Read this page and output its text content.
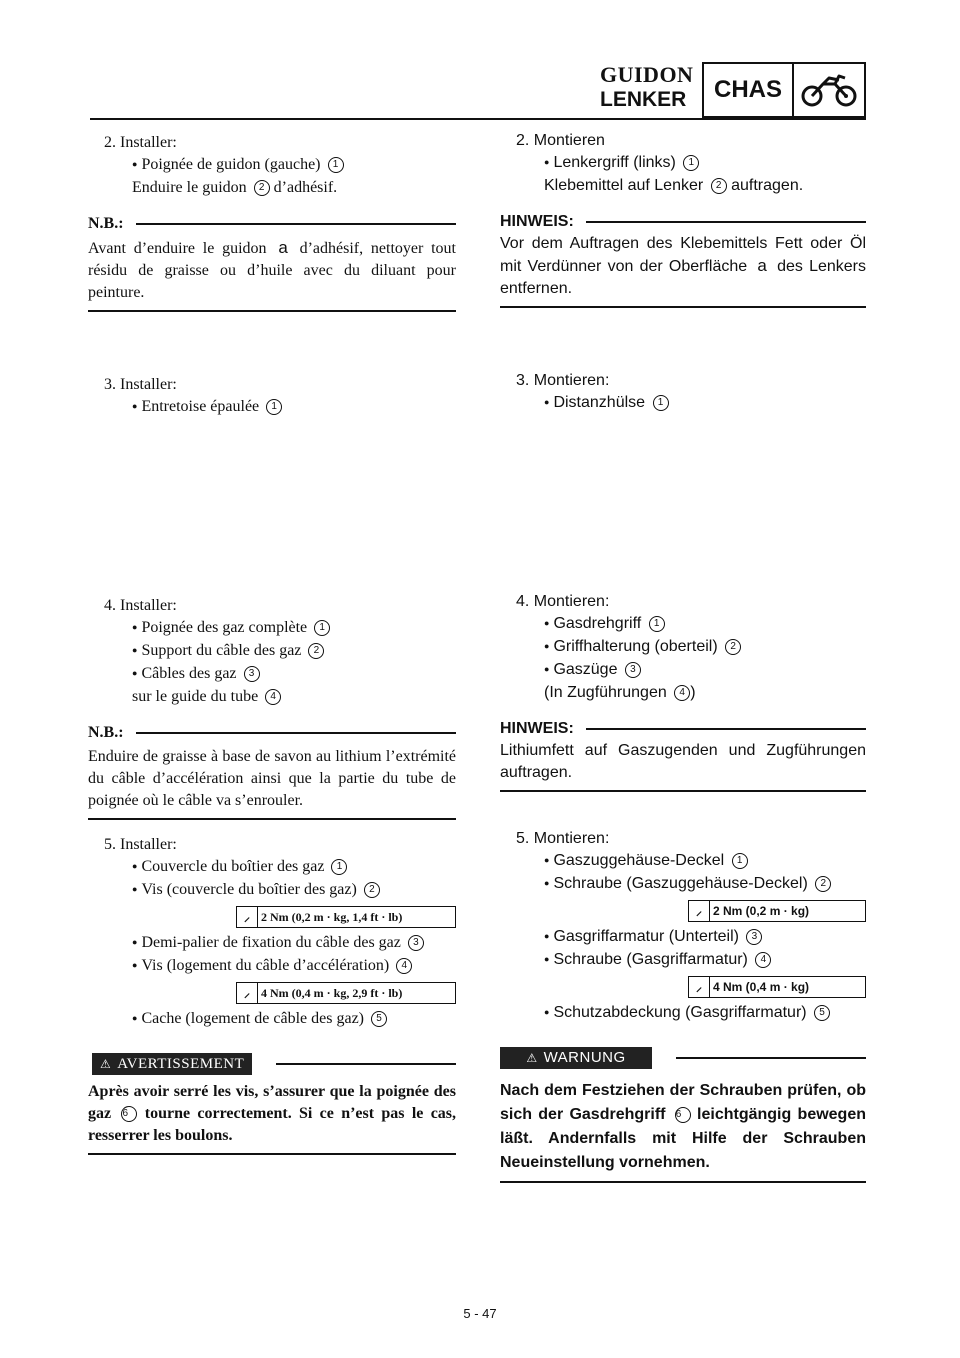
GUIDON
LENKER	CHAS
2. Installer:
● Poignée de guidon (gauche) 1
Enduire le guidon 2 d’adhésif.
N.B.:
Avant d’enduire le guidon a d’adhésif, nettoyer tout résidu de graisse ou d’huile avec du diluant pour peinture.
3. Installer:
● Entretoise épaulée 1
4. Installer:
● Poignée des gaz complète 1
● Support du câble des gaz 2
● Câbles des gaz 3
sur le guide du tube 4
N.B.:
Enduire de graisse à base de savon au lithium l’extrémité du câble d’accélération ainsi que la partie du tube de poignée où le câble va s’enrouler.
5. Installer:
● Couvercle du boîtier des gaz 1
● Vis (couvercle du boîtier des gaz) 2
⸝ 2 Nm (0,2 m · kg, 1,4 ft · lb)
● Demi-palier de fixation du câble des gaz 3
● Vis (logement du câble d’accélération) 4
⸝ 4 Nm (0,4 m · kg, 2,9 ft · lb)
● Cache (logement de câble des gaz) 5
⚠ AVERTISSEMENT
Après avoir serré les vis, s’assurer que la poignée des gaz 6 tourne correctement. Si ce n’est pas le cas, resserrer les boulons.
2. Montieren
● Lenkergriff (links) 1
Klebemittel auf Lenker 2 auftragen.
HINWEIS:
Vor dem Auftragen des Klebemittels Fett oder Öl mit Verdünner von der Oberfläche a des Lenkers entfernen.
3. Montieren:
● Distanzhülse 1
4. Montieren:
● Gasdrehgriff 1
● Griffhalterung (oberteil) 2
● Gaszüge 3
(In Zugführungen 4 )
HINWEIS:
Lithiumfett auf Gaszugenden und Zugführungen auftragen.
5. Montieren:
● Gaszuggehäuse-Deckel 1
● Schraube (Gaszuggehäuse-Deckel) 2
⸝ 2 Nm (0,2 m · kg)
● Gasgriffarmatur (Unterteil) 3
● Schraube (Gasgriffarmatur) 4
⸝ 4 Nm (0,4 m · kg)
● Schutzabdeckung (Gasgriffarmatur) 5
⚠ WARNUNG
Nach dem Festziehen der Schrauben prüfen, ob sich der Gasdrehgriff 6 leichtgängig bewegen läßt. Andernfalls mit Hilfe der Schrauben Neueinstellung vornehmen.
5 - 47
